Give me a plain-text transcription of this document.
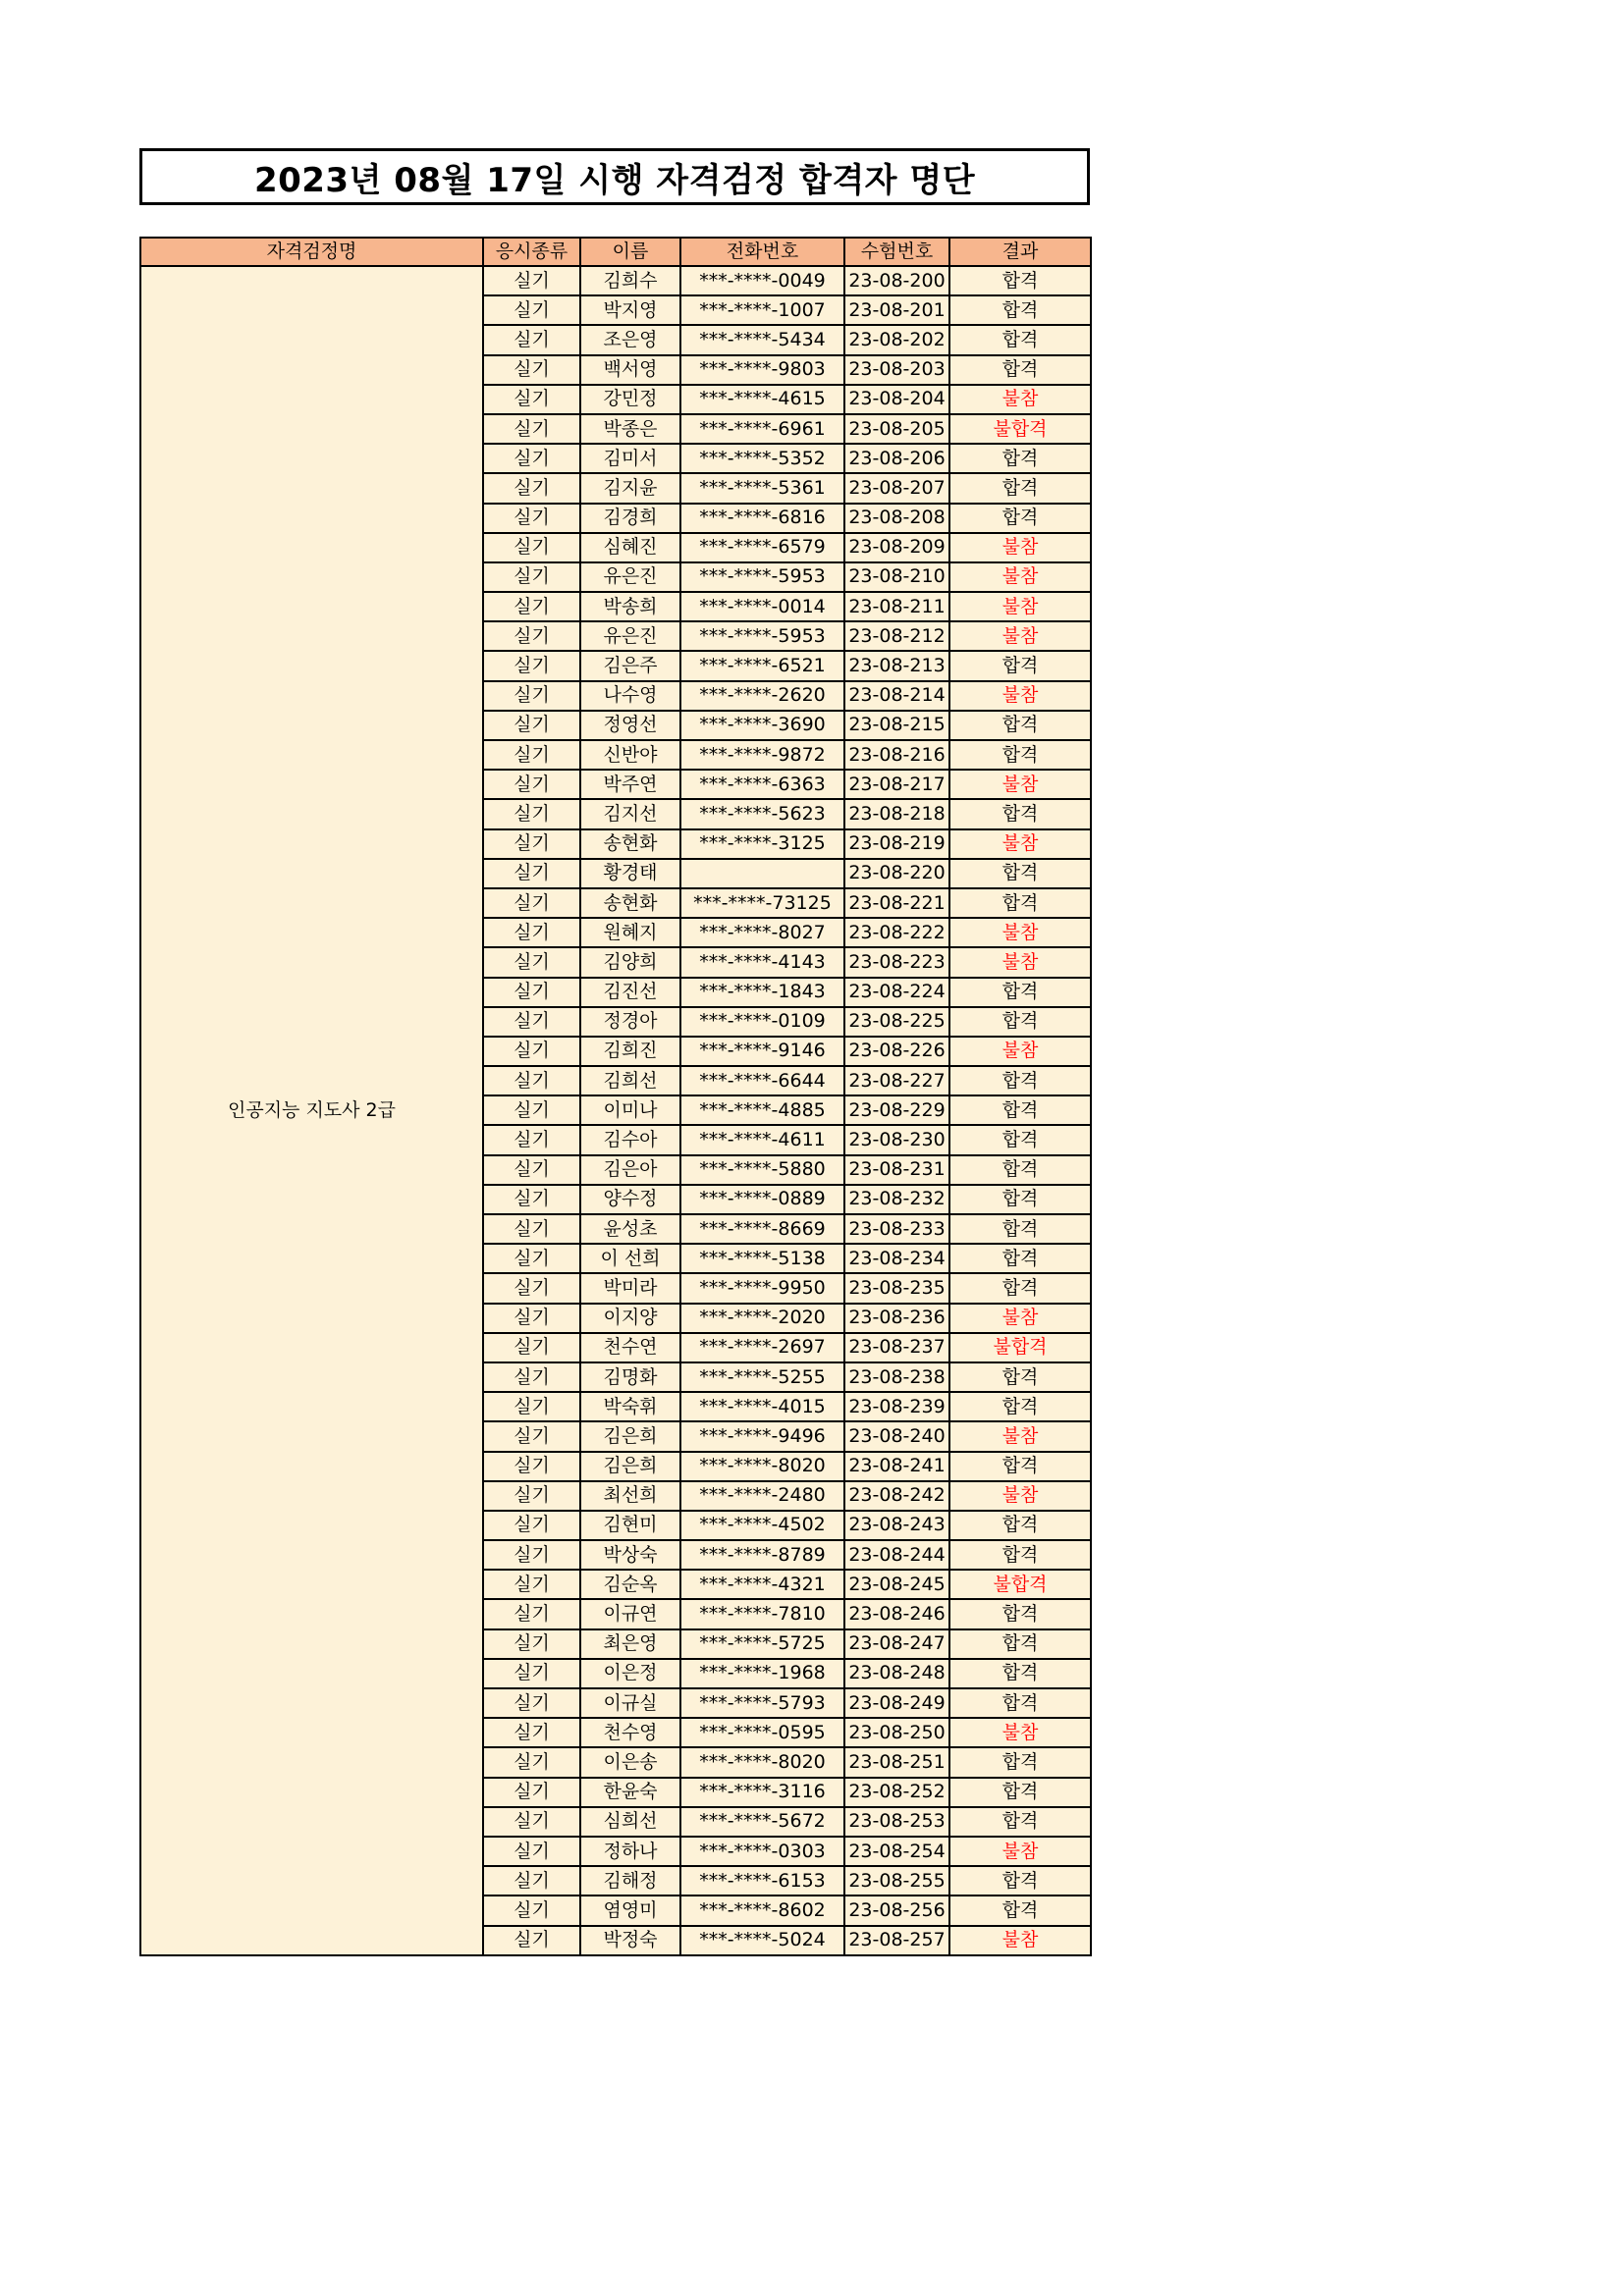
2023년 08월 17일 시행 자격검정 합격자 명단
자격검정명	응시종류	이름	전화번호	수험번호	결과
인공지능 지도사 2급	실기	김희수	***-****-0049	23-08-200	합격
	실기	박지영	***-****-1007	23-08-201	합격
	실기	조은영	***-****-5434	23-08-202	합격
	실기	백서영	***-****-9803	23-08-203	합격
	실기	강민정	***-****-4615	23-08-204	불참
	실기	박종은	***-****-6961	23-08-205	불합격
	실기	김미서	***-****-5352	23-08-206	합격
	실기	김지윤	***-****-5361	23-08-207	합격
	실기	김경희	***-****-6816	23-08-208	합격
	실기	심혜진	***-****-6579	23-08-209	불참
	실기	유은진	***-****-5953	23-08-210	불참
	실기	박송희	***-****-0014	23-08-211	불참
	실기	유은진	***-****-5953	23-08-212	불참
	실기	김은주	***-****-6521	23-08-213	합격
	실기	나수영	***-****-2620	23-08-214	불참
	실기	정영선	***-****-3690	23-08-215	합격
	실기	신반야	***-****-9872	23-08-216	합격
	실기	박주연	***-****-6363	23-08-217	불참
	실기	김지선	***-****-5623	23-08-218	합격
	실기	송현화	***-****-3125	23-08-219	불참
	실기	황경태		23-08-220	합격
	실기	송현화	***-****-73125	23-08-221	합격
	실기	원혜지	***-****-8027	23-08-222	불참
	실기	김양희	***-****-4143	23-08-223	불참
	실기	김진선	***-****-1843	23-08-224	합격
	실기	정경아	***-****-0109	23-08-225	합격
	실기	김희진	***-****-9146	23-08-226	불참
	실기	김희선	***-****-6644	23-08-227	합격
	실기	이미나	***-****-4885	23-08-229	합격
	실기	김수아	***-****-4611	23-08-230	합격
	실기	김은아	***-****-5880	23-08-231	합격
	실기	양수정	***-****-0889	23-08-232	합격
	실기	윤성초	***-****-8669	23-08-233	합격
	실기	이 선희	***-****-5138	23-08-234	합격
	실기	박미라	***-****-9950	23-08-235	합격
	실기	이지양	***-****-2020	23-08-236	불참
	실기	천수연	***-****-2697	23-08-237	불합격
	실기	김명화	***-****-5255	23-08-238	합격
	실기	박숙휘	***-****-4015	23-08-239	합격
	실기	김은희	***-****-9496	23-08-240	불참
	실기	김은희	***-****-8020	23-08-241	합격
	실기	최선희	***-****-2480	23-08-242	불참
	실기	김현미	***-****-4502	23-08-243	합격
	실기	박상숙	***-****-8789	23-08-244	합격
	실기	김순옥	***-****-4321	23-08-245	불합격
	실기	이규연	***-****-7810	23-08-246	합격
	실기	최은영	***-****-5725	23-08-247	합격
	실기	이은정	***-****-1968	23-08-248	합격
	실기	이규실	***-****-5793	23-08-249	합격
	실기	천수영	***-****-0595	23-08-250	불참
	실기	이은송	***-****-8020	23-08-251	합격
	실기	한윤숙	***-****-3116	23-08-252	합격
	실기	심희선	***-****-5672	23-08-253	합격
	실기	정하나	***-****-0303	23-08-254	불참
	실기	김해정	***-****-6153	23-08-255	합격
	실기	염영미	***-****-8602	23-08-256	합격
	실기	박정숙	***-****-5024	23-08-257	불참
